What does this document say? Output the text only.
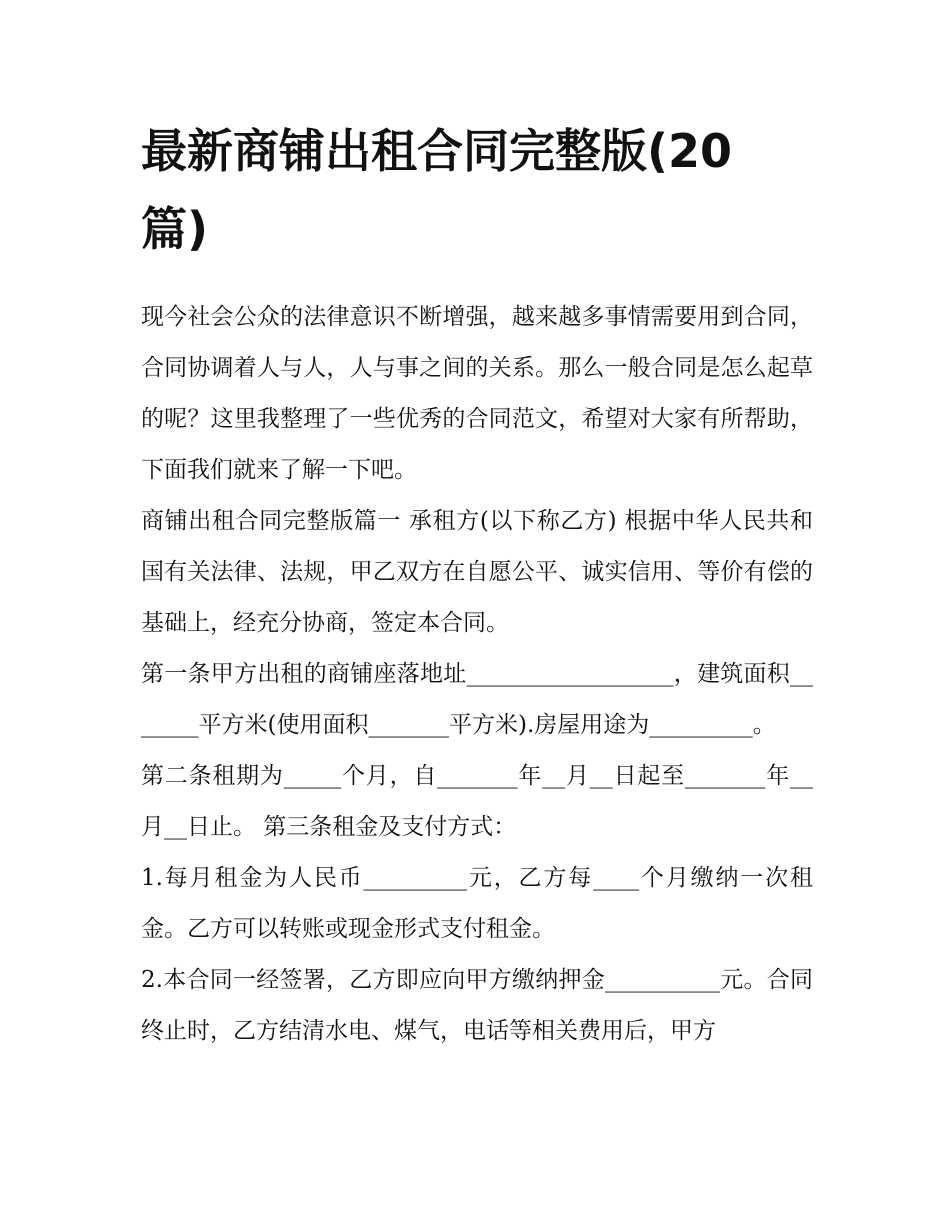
最新商铺出租合同完整版(20篇)

现今社会公众的法律意识不断增强，越来越多事情需要用到合同，合同协调着人与人，人与事之间的关系。那么一般合同是怎么起草的呢？这里我整理了一些优秀的合同范文，希望对大家有所帮助，下面我们就来了解一下吧。

商铺出租合同完整版篇一 承租方(以下称乙方) 根据中华人民共和国有关法律、法规，甲乙双方在自愿公平、诚实信用、等价有偿的基础上，经充分协商，签定本合同。

第一条甲方出租的商铺座落地址__________________，建筑面积_______平方米(使用面积_______平方米).房屋用途为_________。

第二条租期为_____个月，自_______年__月__日起至_______年__月__日止。 第三条租金及支付方式：

1.每月租金为人民币_________元，乙方每____个月缴纳一次租金。乙方可以转账或现金形式支付租金。

2.本合同一经签署，乙方即应向甲方缴纳押金__________元。合同终止时，乙方结清水电、煤气，电话等相关费用后，甲方
